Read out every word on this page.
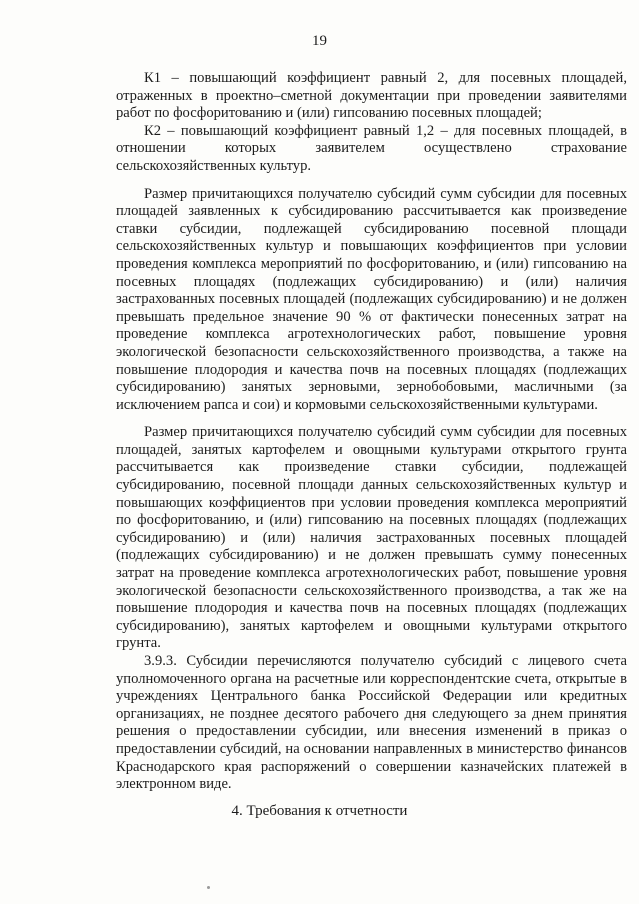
19

К1 – повышающий коэффициент равный 2, для посевных площадей, отраженных в проектно–сметной документации при проведении заявителями работ по фосфоритованию и (или) гипсованию посевных площадей;

К2 – повышающий коэффициент равный 1,2 – для посевных площадей, в отношении которых заявителем осуществлено страхование сельскохозяйственных культур.

Размер причитающихся получателю субсидий сумм субсидии для посевных площадей заявленных к субсидированию рассчитывается как произведение ставки субсидии, подлежащей субсидированию посевной площади сельскохозяйственных культур и повышающих коэффициентов при условии проведения комплекса мероприятий по фосфоритованию, и (или) гипсованию на посевных площадях (подлежащих субсидированию) и (или) наличия застрахованных посевных площадей (подлежащих субсидированию) и не должен превышать предельное значение 90 % от фактически понесенных затрат на проведение комплекса агротехнологических работ, повышение уровня экологической безопасности сельскохозяйственного производства, а также на повышение плодородия и качества почв на посевных площадях (подлежащих субсидированию) занятых зерновыми, зернобобовыми, масличными (за исключением рапса и сои) и кормовыми сельскохозяйственными культурами.

Размер причитающихся получателю субсидий сумм субсидии для посевных площадей, занятых картофелем и овощными культурами открытого грунта рассчитывается как произведение ставки субсидии, подлежащей субсидированию, посевной площади данных сельскохозяйственных культур и повышающих коэффициентов при условии проведения комплекса мероприятий по фосфоритованию, и (или) гипсованию на посевных площадях (подлежащих субсидированию) и (или) наличия застрахованных посевных площадей (подлежащих субсидированию) и не должен превышать сумму понесенных затрат на проведение комплекса агротехнологических работ, повышение уровня экологической безопасности сельскохозяйственного производства, а так же на повышение плодородия и качества почв на посевных площадях (подлежащих субсидированию), занятых картофелем и овощными культурами открытого грунта.

3.9.3. Субсидии перечисляются получателю субсидий с лицевого счета уполномоченного органа на расчетные или корреспондентские счета, открытые в учреждениях Центрального банка Российской Федерации или кредитных организациях, не позднее десятого рабочего дня следующего за днем принятия решения о предоставлении субсидии, или внесения изменений в приказ о предоставлении субсидий, на основании направленных в министерство финансов Краснодарского края распоряжений о совершении казначейских платежей в электронном виде.

4. Требования к отчетности
